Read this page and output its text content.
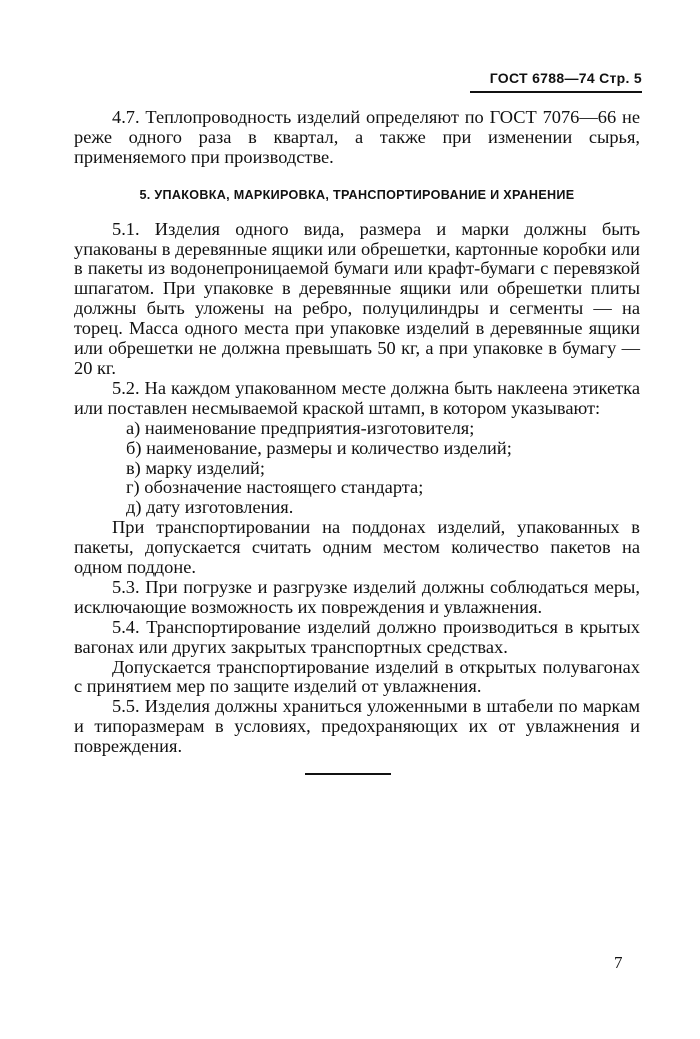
ГОСТ 6788—74 Стр. 5

4.7. Теплопроводность изделий определяют по ГОСТ 7076—66 не реже одного раза в квартал, а также при изменении сырья, применяемого при производстве.

5. УПАКОВКА, МАРКИРОВКА, ТРАНСПОРТИРОВАНИЕ И ХРАНЕНИЕ

5.1. Изделия одного вида, размера и марки должны быть упакованы в деревянные ящики или обрешетки, картонные коробки или в пакеты из водонепроницаемой бумаги или крафт-бумаги с перевязкой шпагатом. При упаковке в деревянные ящики или обрешетки плиты должны быть уложены на ребро, полуцилиндры и сегменты — на торец. Масса одного места при упаковке изделий в деревянные ящики или обрешетки не должна превышать 50 кг, а при упаковке в бумагу — 20 кг.

5.2. На каждом упакованном месте должна быть наклеена этикетка или поставлен несмываемой краской штамп, в котором указывают:

а) наименование предприятия-изготовителя;

б) наименование, размеры и количество изделий;

в) марку изделий;

г) обозначение настоящего стандарта;

д) дату изготовления.

При транспортировании на поддонах изделий, упакованных в пакеты, допускается считать одним местом количество пакетов на одном поддоне.

5.3. При погрузке и разгрузке изделий должны соблюдаться меры, исключающие возможность их повреждения и увлажнения.

5.4. Транспортирование изделий должно производиться в крытых вагонах или других закрытых транспортных средствах.

Допускается транспортирование изделий в открытых полувагонах с принятием мер по защите изделий от увлажнения.

5.5. Изделия должны храниться уложенными в штабели по маркам и типоразмерам в условиях, предохраняющих их от увлажнения и повреждения.

7
